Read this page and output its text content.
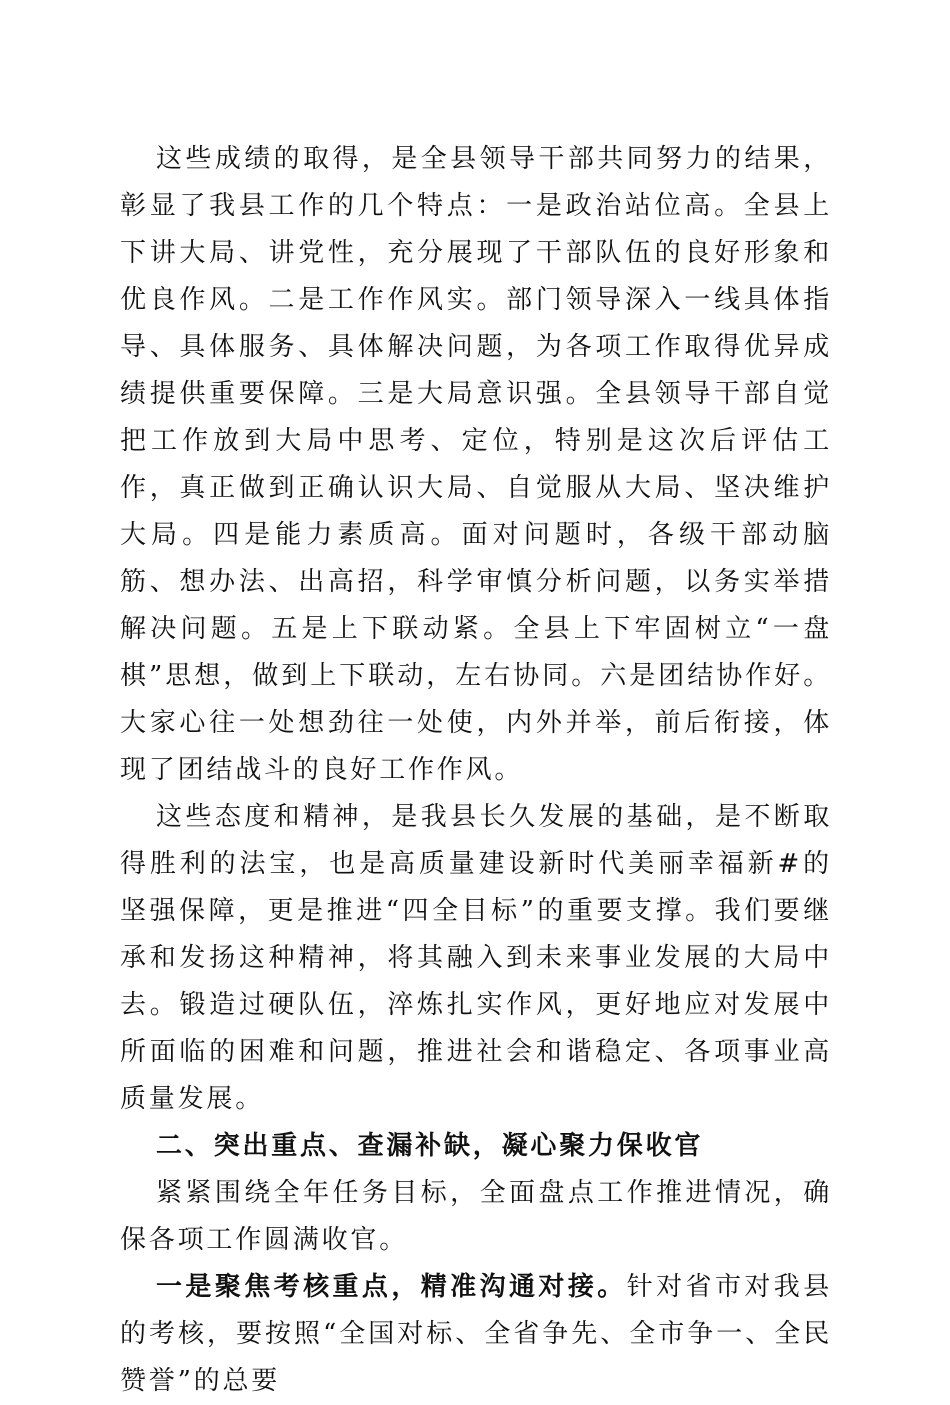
这些成绩的取得，是全县领导干部共同努力的结果，彰显了我县工作的几个特点：一是政治站位高。全县上下讲大局、讲党性，充分展现了干部队伍的良好形象和优良作风。二是工作作风实。部门领导深入一线具体指导、具体服务、具体解决问题，为各项工作取得优异成绩提供重要保障。三是大局意识强。全县领导干部自觉把工作放到大局中思考、定位，特别是这次后评估工作，真正做到正确认识大局、自觉服从大局、坚决维护大局。四是能力素质高。面对问题时，各级干部动脑筋、想办法、出高招，科学审慎分析问题，以务实举措解决问题。五是上下联动紧。全县上下牢固树立“一盘棋”思想，做到上下联动，左右协同。六是团结协作好。大家心往一处想劲往一处使，内外并举，前后衔接，体现了团结战斗的良好工作作风。

这些态度和精神，是我县长久发展的基础，是不断取得胜利的法宝，也是高质量建设新时代美丽幸福新#的坚强保障，更是推进“四全目标”的重要支撑。我们要继承和发扬这种精神，将其融入到未来事业发展的大局中去。锻造过硬队伍，淬炼扎实作风，更好地应对发展中所面临的困难和问题，推进社会和谐稳定、各项事业高质量发展。

二、突出重点、查漏补缺，凝心聚力保收官

紧紧围绕全年任务目标，全面盘点工作推进情况，确保各项工作圆满收官。

一是聚焦考核重点，精准沟通对接。针对省市对我县的考核，要按照“全国对标、全省争先、全市争一、全民赞誉”的总要
